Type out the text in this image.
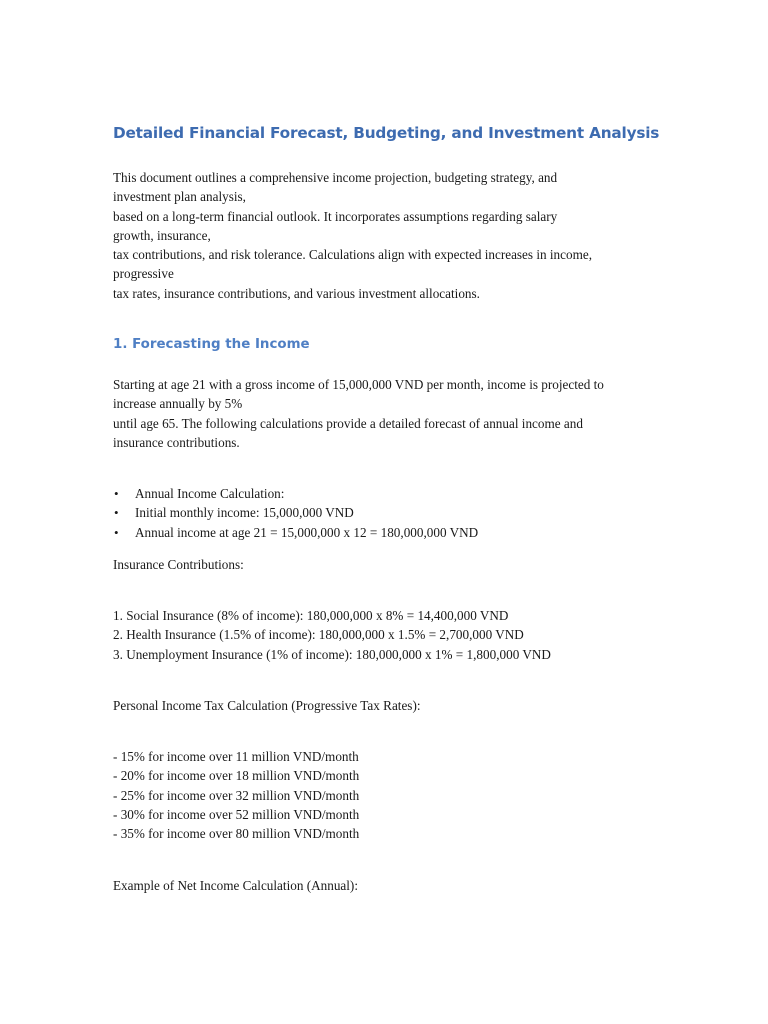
Detailed Financial Forecast, Budgeting, and Investment Analysis
This document outlines a comprehensive income projection, budgeting strategy, and
investment plan analysis,
based on a long-term financial outlook. It incorporates assumptions regarding salary
growth, insurance,
tax contributions, and risk tolerance. Calculations align with expected increases in income,
progressive
tax rates, insurance contributions, and various investment allocations.
1. Forecasting the Income
Starting at age 21 with a gross income of 15,000,000 VND per month, income is projected to
increase annually by 5%
until age 65. The following calculations provide a detailed forecast of annual income and
insurance contributions.
• Annual Income Calculation:
• Initial monthly income: 15,000,000 VND
• Annual income at age 21 = 15,000,000 x 12 = 180,000,000 VND
Insurance Contributions:
1. Social Insurance (8% of income): 180,000,000 x 8% = 14,400,000 VND
2. Health Insurance (1.5% of income): 180,000,000 x 1.5% = 2,700,000 VND
3. Unemployment Insurance (1% of income): 180,000,000 x 1% = 1,800,000 VND
Personal Income Tax Calculation (Progressive Tax Rates):
- 15% for income over 11 million VND/month
- 20% for income over 18 million VND/month
- 25% for income over 32 million VND/month
- 30% for income over 52 million VND/month
- 35% for income over 80 million VND/month
Example of Net Income Calculation (Annual):
